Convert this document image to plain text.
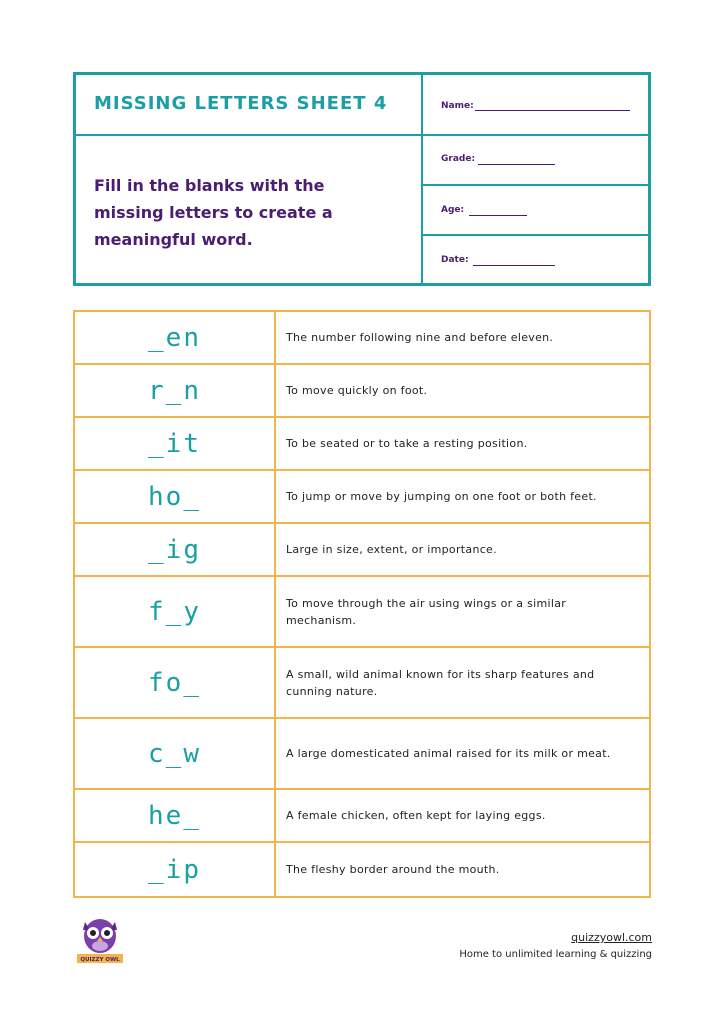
MISSING LETTERS SHEET 4
Fill in the blanks with the missing letters to create a meaningful word.
Name:
Grade:
Age:
Date:
_en	The number following nine and before eleven.
r_n	To move quickly on foot.
_it	To be seated or to take a resting position.
ho_	To jump or move by jumping on one foot or both feet.
_ig	Large in size, extent, or importance.
f_y	To move through the air using wings or a similar mechanism.
fo_	A small, wild animal known for its sharp features and cunning nature.
c_w	A large domesticated animal raised for its milk or meat.
he_	A female chicken, often kept for laying eggs.
_ip	The fleshy border around the mouth.
QUIZZY OWL
quizzyowl.com
Home to unlimited learning & quizzing
